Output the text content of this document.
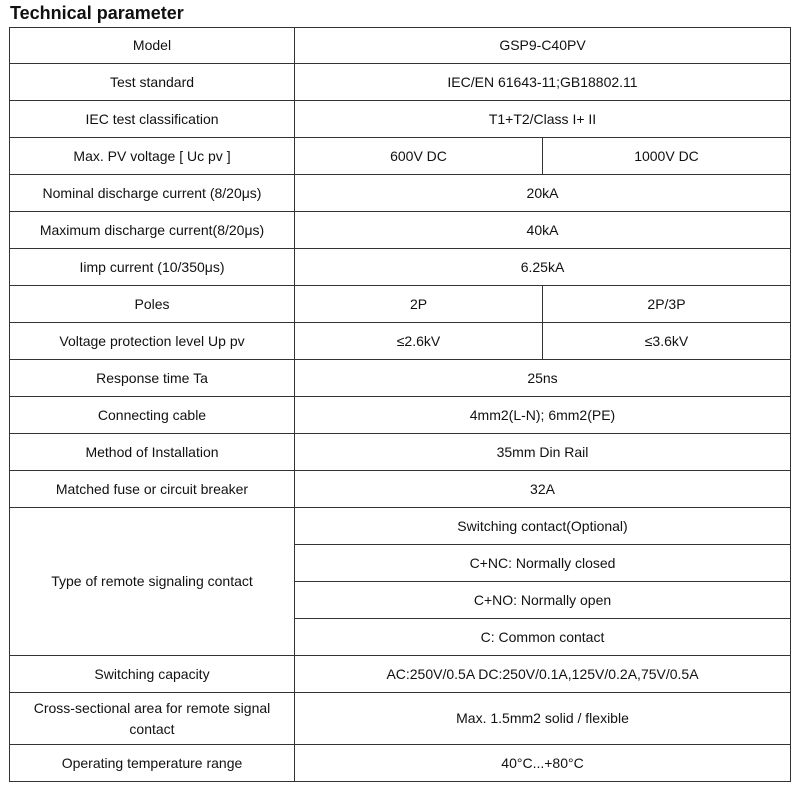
Technical parameter
Model	GSP9-C40PV	
Test standard	IEC/EN 61643-11;GB18802.11	
IEC test classification	T1+T2/Class I+ II	
Max. PV voltage [ Uc pv ]	600V DC	1000V DC
Nominal discharge current (8/20μs)	20kA	
Maximum discharge current(8/20μs)	40kA	
Iimp current (10/350μs)	6.25kA	
Poles	2P	2P/3P
Voltage protection level Up pv	≤2.6kV	≤3.6kV
Response time Ta	25ns	
Connecting cable	4mm2(L-N); 6mm2(PE)	
Method of Installation	35mm Din Rail	
Matched fuse or circuit breaker	32A	
Type of remote signaling contact	Switching contact(Optional)	
	C+NC: Normally closed	
	C+NO: Normally open	
	C: Common contact	
Switching capacity	AC:250V/0.5A DC:250V/0.1A,125V/0.2A,75V/0.5A	
Cross-sectional area for remote signal contact	Max. 1.5mm2 solid / flexible	
Operating temperature range	40°C...+80°C	
